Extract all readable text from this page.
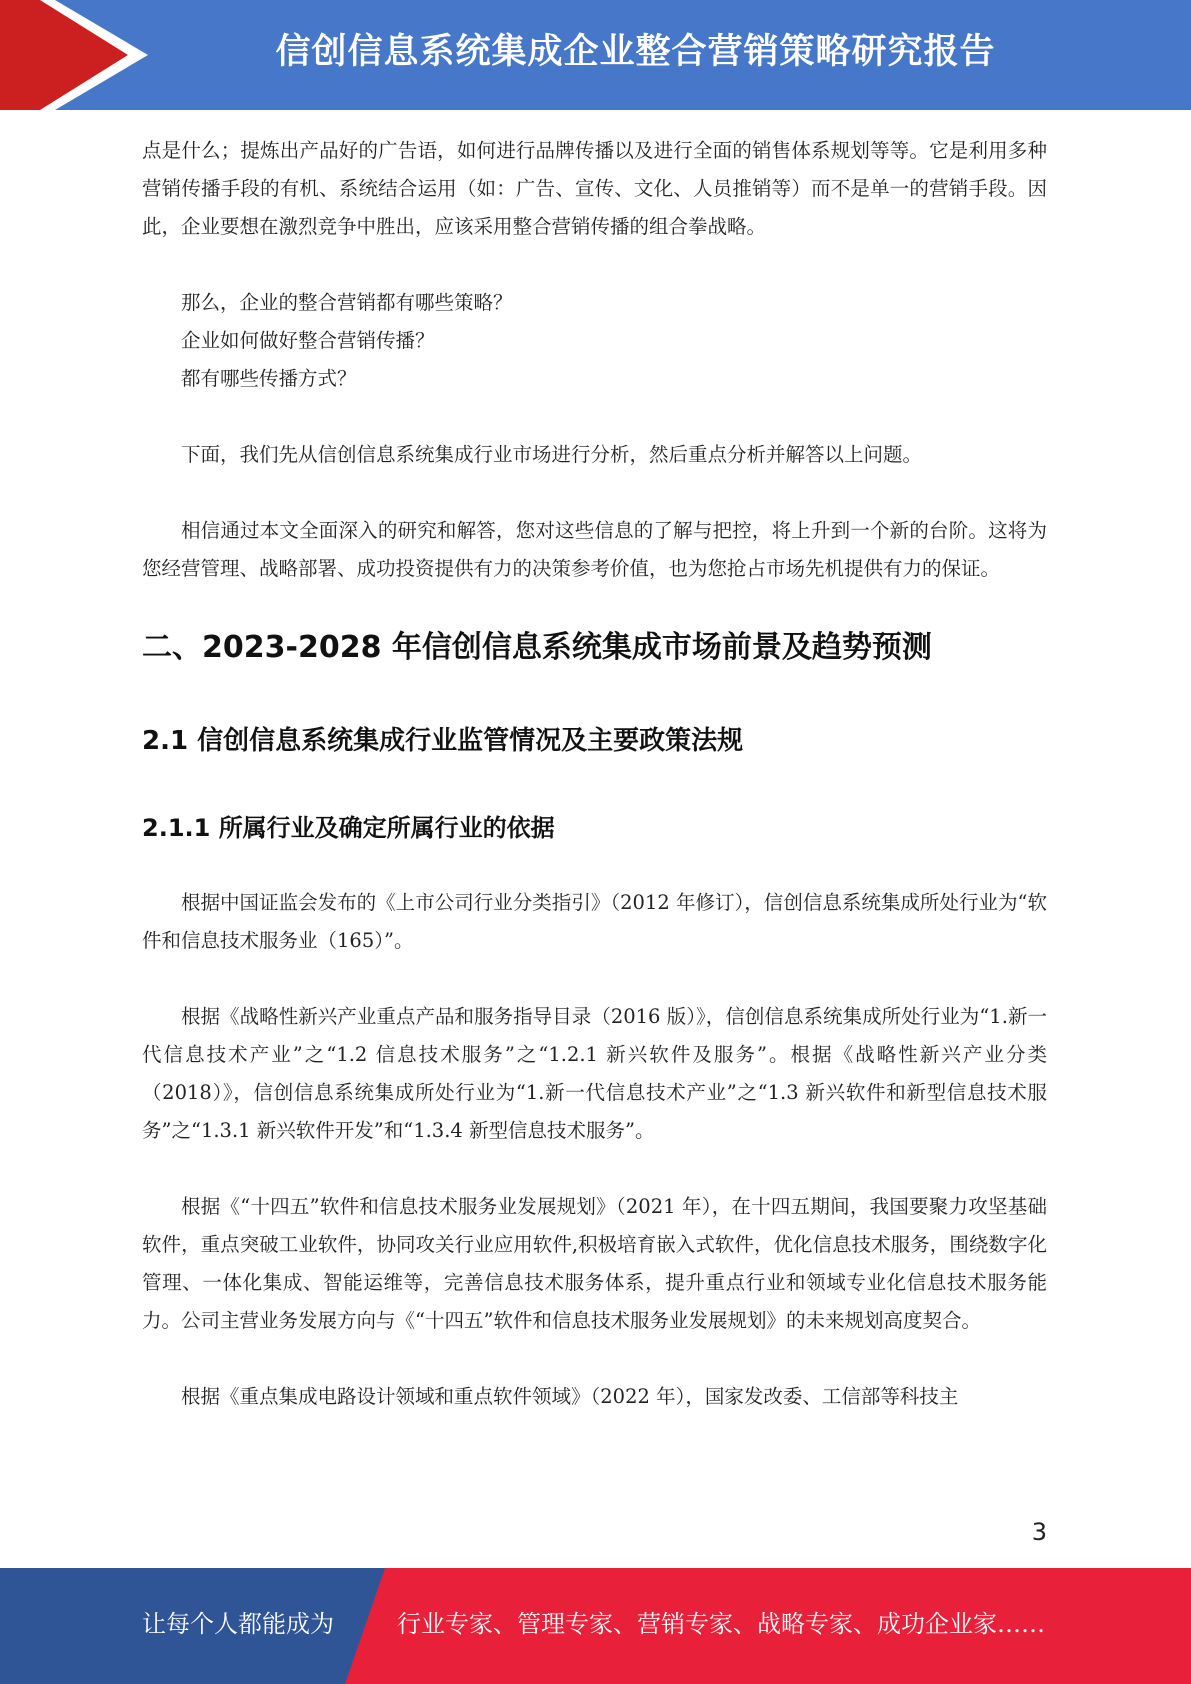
信创信息系统集成企业整合营销策略研究报告

点是什么；提炼出产品好的广告语，如何进行品牌传播以及进行全面的销售体系规划等等。它是利用多种营销传播手段的有机、系统结合运用（如：广告、宣传、文化、人员推销等）而不是单一的营销手段。因此，企业要想在激烈竞争中胜出，应该采用整合营销传播的组合拳战略。

那么，企业的整合营销都有哪些策略？

企业如何做好整合营销传播？

都有哪些传播方式？

下面，我们先从信创信息系统集成行业市场进行分析，然后重点分析并解答以上问题。

相信通过本文全面深入的研究和解答，您对这些信息的了解与把控，将上升到一个新的台阶。这将为您经营管理、战略部署、成功投资提供有力的决策参考价值，也为您抢占市场先机提供有力的保证。

二、2023-2028 年信创信息系统集成市场前景及趋势预测
2.1 信创信息系统集成行业监管情况及主要政策法规
2.1.1 所属行业及确定所属行业的依据

根据中国证监会发布的《上市公司行业分类指引》（2012 年修订），信创信息系统集成所处行业为“软件和信息技术服务业（165）”。

根据《战略性新兴产业重点产品和服务指导目录（2016 版）》，信创信息系统集成所处行业为“1.新一代信息技术产业”之“1.2 信息技术服务”之“1.2.1 新兴软件及服务”。根据《战略性新兴产业分类（2018）》，信创信息系统集成所处行业为“1.新一代信息技术产业”之“1.3 新兴软件和新型信息技术服务”之“1.3.1 新兴软件开发”和“1.3.4 新型信息技术服务”。

根据《“十四五”软件和信息技术服务业发展规划》（2021 年），在十四五期间，我国要聚力攻坚基础软件，重点突破工业软件，协同攻关行业应用软件,积极培育嵌入式软件，优化信息技术服务，围绕数字化管理、一体化集成、智能运维等，完善信息技术服务体系，提升重点行业和领域专业化信息技术服务能力。公司主营业务发展方向与《“十四五”软件和信息技术服务业发展规划》的未来规划高度契合。

根据《重点集成电路设计领域和重点软件领域》（2022 年），国家发改委、工信部等科技主

3
让每个人都能成为	行业专家、管理专家、营销专家、战略专家、成功企业家……
